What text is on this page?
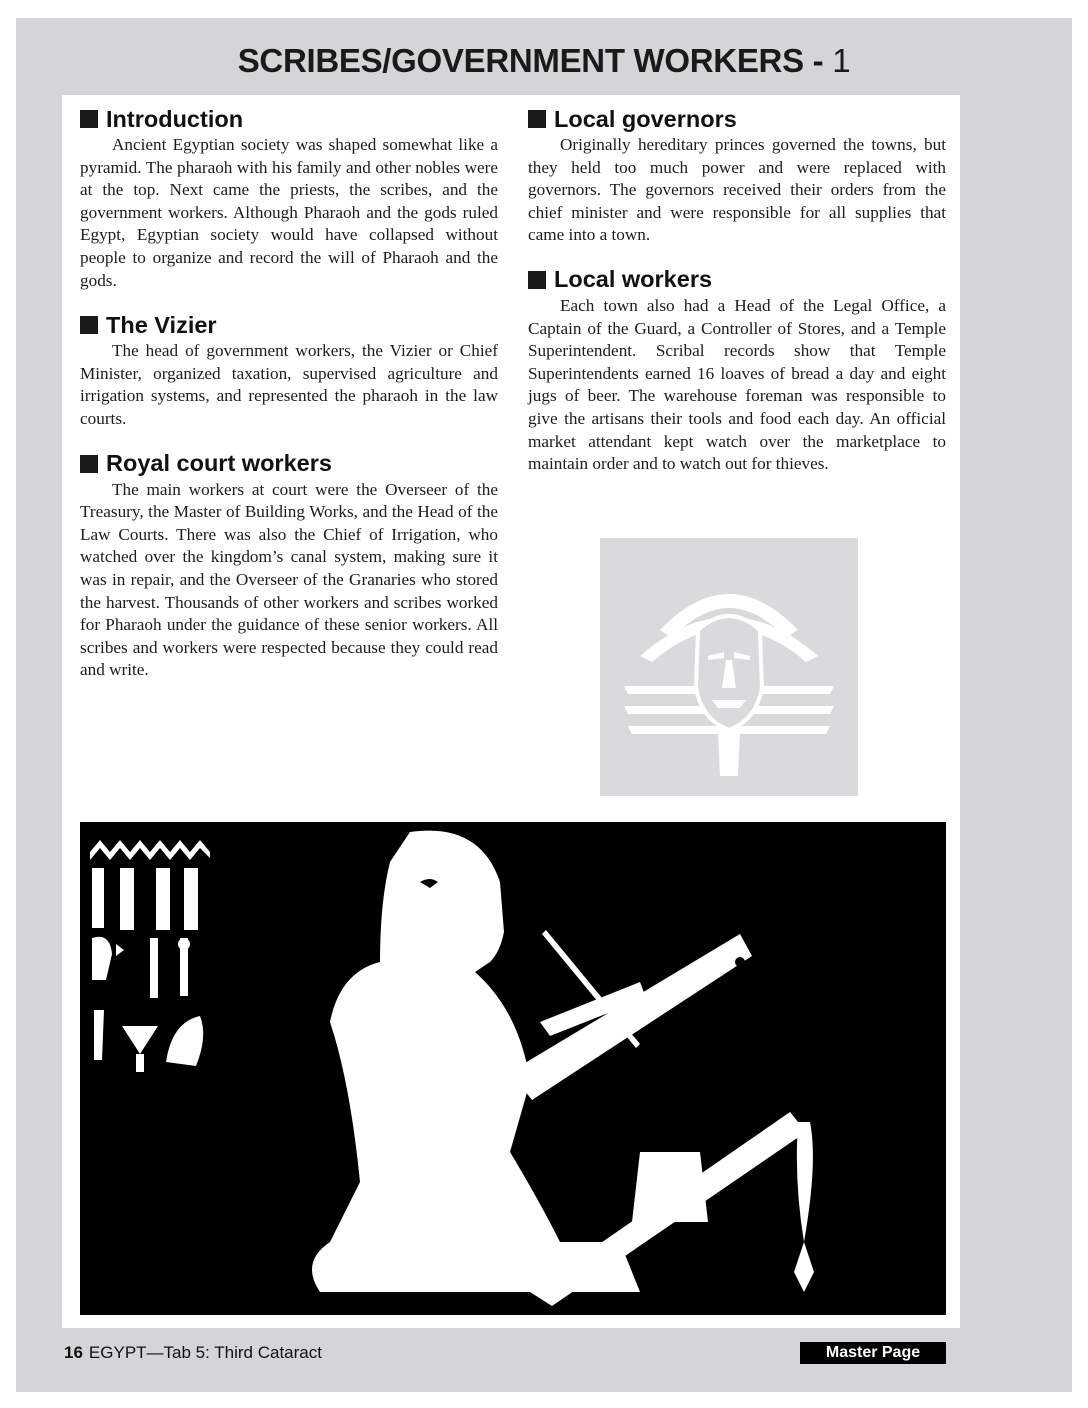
SCRIBES/GOVERNMENT WORKERS - 1
Introduction

Ancient Egyptian society was shaped somewhat like a pyramid. The pharaoh with his family and other nobles were at the top. Next came the priests, the scribes, and the government workers. Although Pharaoh and the gods ruled Egypt, Egyptian society would have collapsed without people to organize and record the will of Pharaoh and the gods.

The Vizier

The head of government workers, the Vizier or Chief Minister, organized taxation, supervised agriculture and irrigation systems, and represented the pharaoh in the law courts.

Royal court workers

The main workers at court were the Overseer of the Treasury, the Master of Building Works, and the Head of the Law Courts. There was also the Chief of Irrigation, who watched over the kingdom’s canal system, making sure it was in repair, and the Overseer of the Granaries who stored the harvest. Thousands of other workers and scribes worked for Pharaoh under the guidance of these senior workers. All scribes and workers were respected because they could read and write.

Local governors

Originally hereditary princes governed the towns, but they held too much power and were replaced with governors. The governors received their orders from the chief minister and were responsible for all supplies that came into a town.

Local workers

Each town also had a Head of the Legal Office, a Captain of the Guard, a Controller of Stores, and a Temple Superintendent. Scribal records show that Temple Superintendents earned 16 loaves of bread a day and eight jugs of beer. The warehouse foreman was responsible to give the artisans their tools and food each day. An official market attendant kept watch over the marketplace to maintain order and to watch out for thieves.

16 EGYPT—Tab 5: Third Cataract	Master Page
